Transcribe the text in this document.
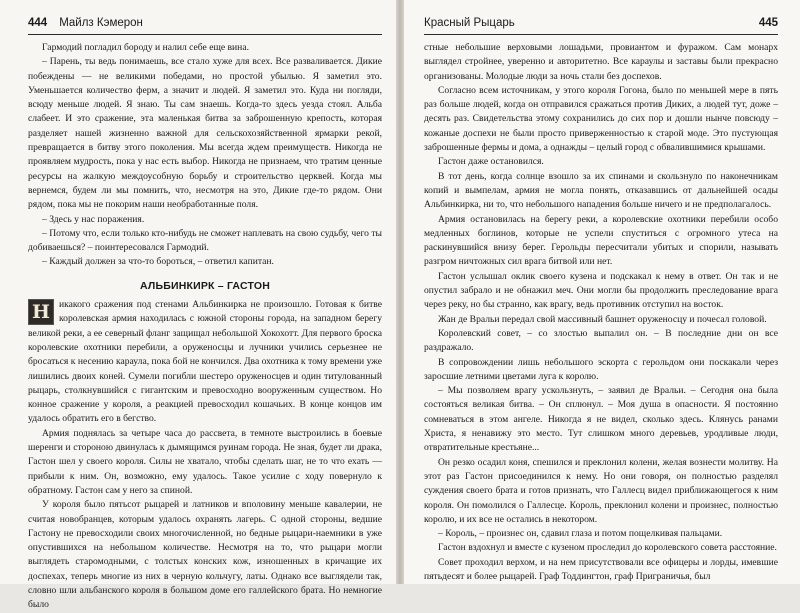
444 Майлз Кэмерон

Гармодий погладил бороду и налил себе еще вина.

– Парень, ты ведь понимаешь, все стало хуже для всех. Все разваливается. Дикие побеждены — не великими победами, но простой убылью. Я заметил это. Уменьшается количество ферм, а значит и людей. Я заметил это. Куда ни погляди, всюду меньше людей. Я знаю. Ты сам знаешь. Когда-то здесь уезда стоял. Альба слабеет. И это сражение, эта маленькая битва за заброшенную крепость, которая разделяет нашей жизненно важной для сельскохозяйственной ярмарки рекой, превращается в битву этого поколения. Мы всегда ждем преимуществ. Никогда не проявляем мудрость, пока у нас есть выбор. Никогда не признаем, что тратим ценные ресурсы на жалкую междоусобную борьбу и строительство церквей. Когда мы вернемся, будем ли мы помнить, что, несмотря на это, Дикие где-то рядом. Они рядом, пока мы не покорим наши необработанные поля.

– Здесь у нас поражения.

– Потому что, если только кто-нибудь не сможет наплевать на свою судьбу, чего ты добиваешься? – поинтересовался Гармодий.

– Каждый должен за что-то бороться, – ответил капитан.

АЛЬБИНКИРК – ГАСТОН

Н икакого сражения под стенами Альбинкирка не произошло. Готовая к битве королевская армия находилась с южной стороны города, на западном берегу великой реки, а ее северный фланг защищал небольшой Хокохотт. Для первого броска королевские охотники перебили, а оруженосцы и лучники учились серьезнее не бросаться к несению караула, пока бой не кончился. Два охотника к тому времени уже лишились двоих коней. Сумели погибли шестеро оруженосцев и один титулованный рыцарь, столкнувшийся с гигантским и превосходно вооруженным существом. Но конное сражение у короля, а реакцией превосходил кошачьих. В конце концов им удалось обратить его в бегство.

Армия поднялась за четыре часа до рассвета, в темноте выстроились в боевые шеренги и стороною двинулась к дымящимся руинам города. Не зная, будет ли драка, Гастон шел у своего короля. Силы не хватало, чтобы сделать шаг, не то что ехать — прибыли к ним. Он, возможно, ему удалось. Такое усилие с ходу повернуло к обратному. Гастон сам у него за спиной.

У короля было пятьсот рыцарей и латников и вполовину меньше кавалерии, не считая новобранцев, которым удалось охранять лагерь. С одной стороны, ведшие Гастону не превосходили своих многочисленной, но бедные рыцари-наемники в уже опустившихся на небольшом количестве. Несмотря на то, что рыцари могли выглядеть старомодными, с толстых конских кож, изношенных в кричащие их доспехах, теперь многие из них в черную кольчугу, латы. Однако все выглядели так, словно шли альбанского короля в большом доме его галлейского брата. Но немногие было

Красный Рыцарь	445

стные небольшие верховыми лошадьми, провиантом и фуражом. Сам монарх выглядел стройнее, уверенно и авторитетно. Все караулы и заставы были прекрасно организованы. Молодые люди за ночь стали без доспехов.

Согласно всем источникам, у этого короля Гогона, было по меньшей мере в пять раз больше людей, когда он отправился сражаться против Диких, а людей тут, доже – десять раз. Свидетельства этому сохранились до сих пор и дошли нынче повсюду – кожаные доспехи не были просто приверженностью к старой моде. Это пустующая заброшенные фермы и дома, а однажды – целый город с обвалившимися крышами.

Гастон даже остановился.

В тот день, когда солнце взошло за их спинами и скользнуло по наконечникам копий и вымпелам, армия не могла понять, отказавшись от дальнейшей осады Альбинкирка, ни то, что небольшого нападения больше ничего и не предполагалось.

Армия остановилась на берегу реки, а королевские охотники перебили особо медленных боглинов, которые не успели спуститься с огромного утеса на раскинувшийся внизу берег. Герольды пересчитали убитых и спорили, называть разгром ничтожных сил врага битвой или нет.

Гастон услышал оклик своего кузена и подскакал к нему в ответ. Он так и не опустил забрало и не обнажил меч. Они могли бы продолжить преследование врага через реку, но бы странно, как врагу, ведь противник отступил на восток.

Жан де Вральи передал свой массивный башнет оруженосцу и почесал головой.

Королевский совет, – со злостью выпалил он. – В последние дни он все раздражало.

В сопровождении лишь небольшого эскорта с герольдом они поскакали через заросшие летними цветами луга к королю.

– Мы позволяем врагу ускользнуть, – заявил де Вральи. – Сегодня она была состояться великая битва. – Он сплюнул. – Моя душа в опасности. Я постоянно сомневаться в этом ангеле. Никогда я не видел, сколько здесь. Клянусь ранами Христа, я ненавижу это место. Тут слишком много деревьев, уродливые люди, отвратительные крестьяне...

Он резко осадил коня, спешился и преклонил колени, желая вознести молитву. На этот раз Гастон присоединился к нему. Но они говоря, он полностью разделял суждения своего брата и готов признать, что Галлесц видел приближающегося к ним короля. Он помолился о Галлесце. Король, преклонил колени и произнес, полностью королю, и их все не остались в некотором.

– Король, – произнес он, сдавил глаза и потом пощелкивая пальцами.

Гастон вздохнул и вместе с кузеном проследил до королевского совета расстояние.

Совет проходил верхом, и на нем присутствовали все офицеры и лорды, имевшие пятьдесят и более рыцарей. Граф Тоддингтон, граф Приграничья, был
